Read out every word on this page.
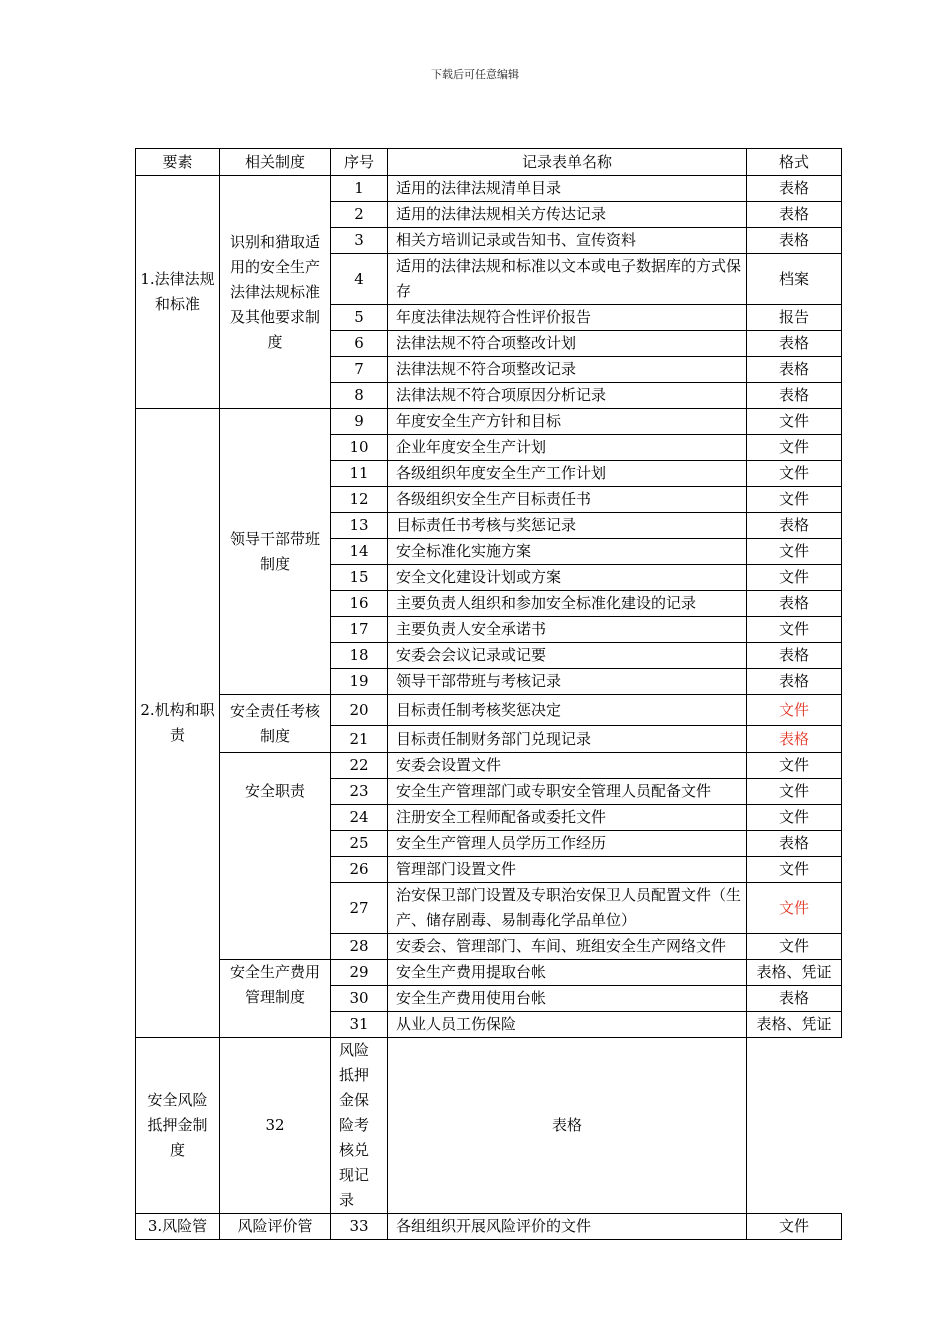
下载后可任意编辑
要素	相关制度	序号	记录表单名称	格式
1.法律法规和标准	识别和猎取适用的安全生产法律法规标准及其他要求制度	1	适用的法律法规清单目录	表格
		2	适用的法律法规相关方传达记录	表格
		3	相关方培训记录或告知书、宣传资料	表格
		4	适用的法律法规和标准以文本或电子数据库的方式保存	档案
		5	年度法律法规符合性评价报告	报告
		6	法律法规不符合项整改计划	表格
		7	法律法规不符合项整改记录	表格
		8	法律法规不符合项原因分析记录	表格
2.机构和职责	领导干部带班制度	9	年度安全生产方针和目标	文件
		10	企业年度安全生产计划	文件
		11	各级组织年度安全生产工作计划	文件
		12	各级组织安全生产目标责任书	文件
		13	目标责任书考核与奖惩记录	表格
		14	安全标准化实施方案	文件
		15	安全文化建设计划或方案	文件
		16	主要负责人组织和参加安全标准化建设的记录	表格
		17	主要负责人安全承诺书	文件
		18	安委会会议记录或记要	表格
		19	领导干部带班与考核记录	表格
	安全责任考核制度	20	目标责任制考核奖惩决定	文件
		21	目标责任制财务部门兑现记录	表格
		22	安委会设置文件	文件
	安全职责	23	安全生产管理部门或专职安全管理人员配备文件	文件
		24	注册安全工程师配备或委托文件	文件
		25	安全生产管理人员学历工作经历	表格
		26	管理部门设置文件	文件
		27	治安保卫部门设置及专职治安保卫人员配置文件（生产、储存剧毒、易制毒化学品单位）	文件
		28	安委会、管理部门、车间、班组安全生产网络文件	文件
	安全生产费用管理制度	29	安全生产费用提取台帐	表格、凭证
		30	安全生产费用使用台帐	表格
		31	从业人员工伤保险	表格、凭证
安全风险抵押金制度	32	风险抵押金保险考核兑现记录	表格	
3.风险管	风险评价管	33	各组组织开展风险评价的文件	文件
